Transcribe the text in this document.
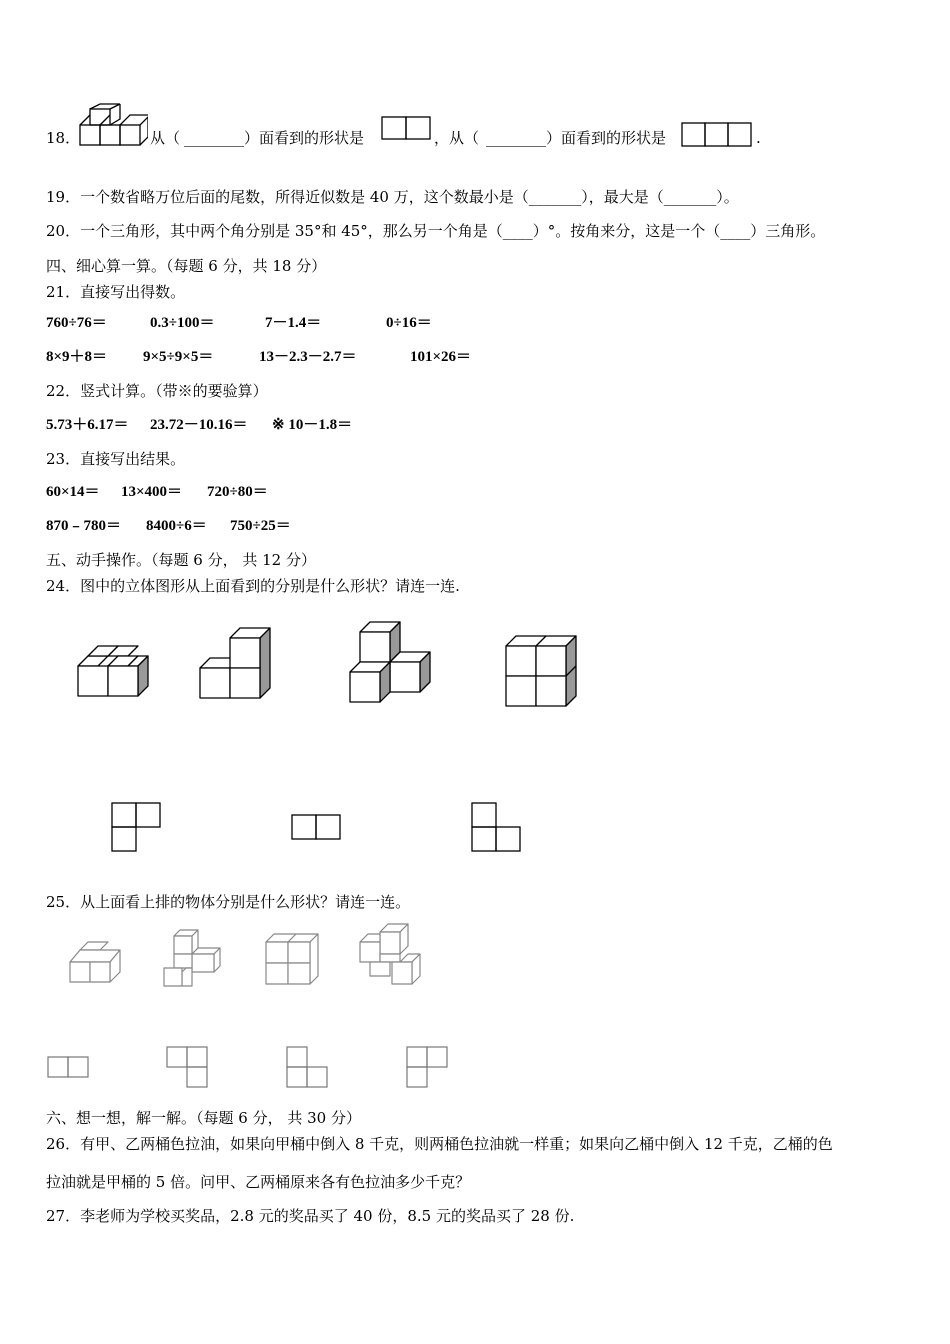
18．	从（ ________ ）面看到的形状是	，从（ ________ ）面看到的形状是	.
19．一个数省略万位后面的尾数，所得近似数是 40 万，这个数最小是（_______），最大是（_______）。
20．一个三角形，其中两个角分别是 35°和 45°，那么另一个角是（____）°。按角来分，这是一个（____）三角形。
四、细心算一算。（每题 6 分，共 18 分）
21．直接写出得数。
760÷76＝	0.3÷100＝	7－1.4＝	0÷16＝
8×9＋8＝ 9×5÷9×5＝	13－2.3－2.7＝	101×26＝
22．竖式计算。（带※的要验算）
5.73＋6.17＝ 23.72－10.16＝ ※ 10－1.8＝
23．直接写出结果。
60×14＝ 13×400＝ 720÷80＝
870﹣780＝ 8400÷6＝ 750÷25＝
五、动手操作。（每题 6 分， 共 12 分）
24．图中的立体图形从上面看到的分别是什么形状？请连一连.
25．从上面看上排的物体分别是什么形状？请连一连。
六、想一想，解一解。（每题 6 分， 共 30 分）
26．有甲、乙两桶色拉油，如果向甲桶中倒入 8 千克，则两桶色拉油就一样重；如果向乙桶中倒入 12 千克，乙桶的色
拉油就是甲桶的 5 倍。问甲、乙两桶原来各有色拉油多少千克？
27．李老师为学校买奖品，2.8 元的奖品买了 40 份，8.5 元的奖品买了 28 份.
